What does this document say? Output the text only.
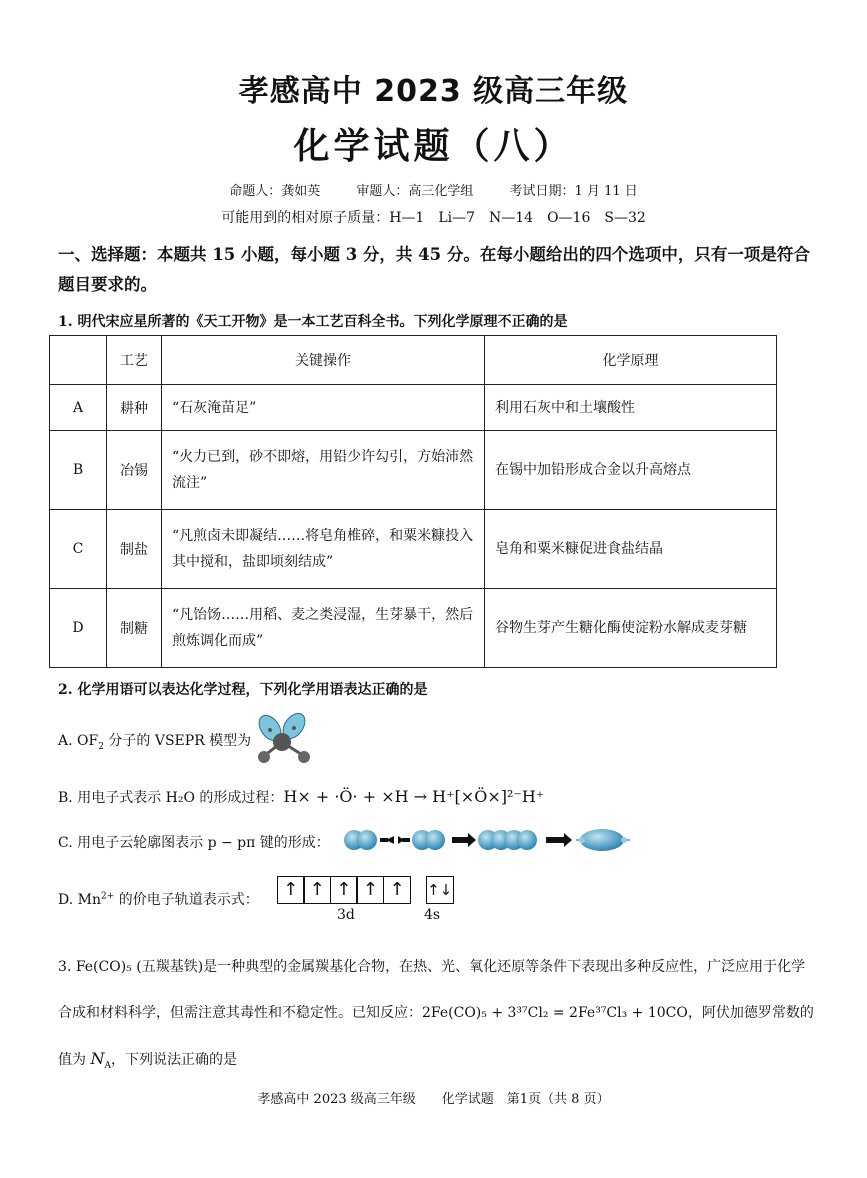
孝感高中 2023 级高三年级
化学试题（八）
命题人：龚如英	审题人：高三化学组	考试日期：1 月 11 日
可能用到的相对原子质量：H—1　Li—7　N—14　O—16　S—32
一、选择题：本题共 15 小题，每小题 3 分，共 45 分。在每小题给出的四个选项中，只有一项是符合题目要求的。
1. 明代宋应星所著的《天工开物》是一本工艺百科全书。下列化学原理不正确的是
	工艺	关键操作	化学原理
A	耕种	“石灰淹苗足”	利用石灰中和土壤酸性
B	冶锡	“火力已到，砂不即熔，用铅少许勾引，方始沛然流注”	在锡中加铅形成合金以升高熔点
C	制盐	“凡煎卤未即凝结……将皂角椎碎，和粟米糠投入其中搅和，盐即顷刻结成”	皂角和粟米糠促进食盐结晶
D	制糖	“凡饴饧……用稻、麦之类浸湿，生芽暴干，然后煎炼调化而成”	谷物生芽产生糖化酶使淀粉水解成麦芽糖
2. 化学用语可以表达化学过程，下列化学用语表达正确的是
A. $OF_2$ 分子的 VSEPR 模型为
B. 用电子式表示 H₂O 的形成过程：H× + ·Ö· + ×H → H⁺[×Ö×]²⁻H⁺
C. 用电子云轮廓图表示 p − pπ 键的形成：
D. $Mn^{2+}$ 的价电子轨道表示式： ↑ ↑ ↑ ↑ ↑ ↑↓
3d	4s
3. Fe(CO)₅ (五羰基铁)是一种典型的金属羰基化合物，在热、光、氧化还原等条件下表现出多种反应性，广泛应用于化学合成和材料科学，但需注意其毒性和不稳定性。已知反应：2Fe(CO)₅ + 3³⁷Cl₂ = 2Fe³⁷Cl₃ + 10CO，阿伏加德罗常数的值为 $N_A$，下列说法正确的是
孝感高中 2023 级高三年级　　化学试题　第1页（共 8 页）
